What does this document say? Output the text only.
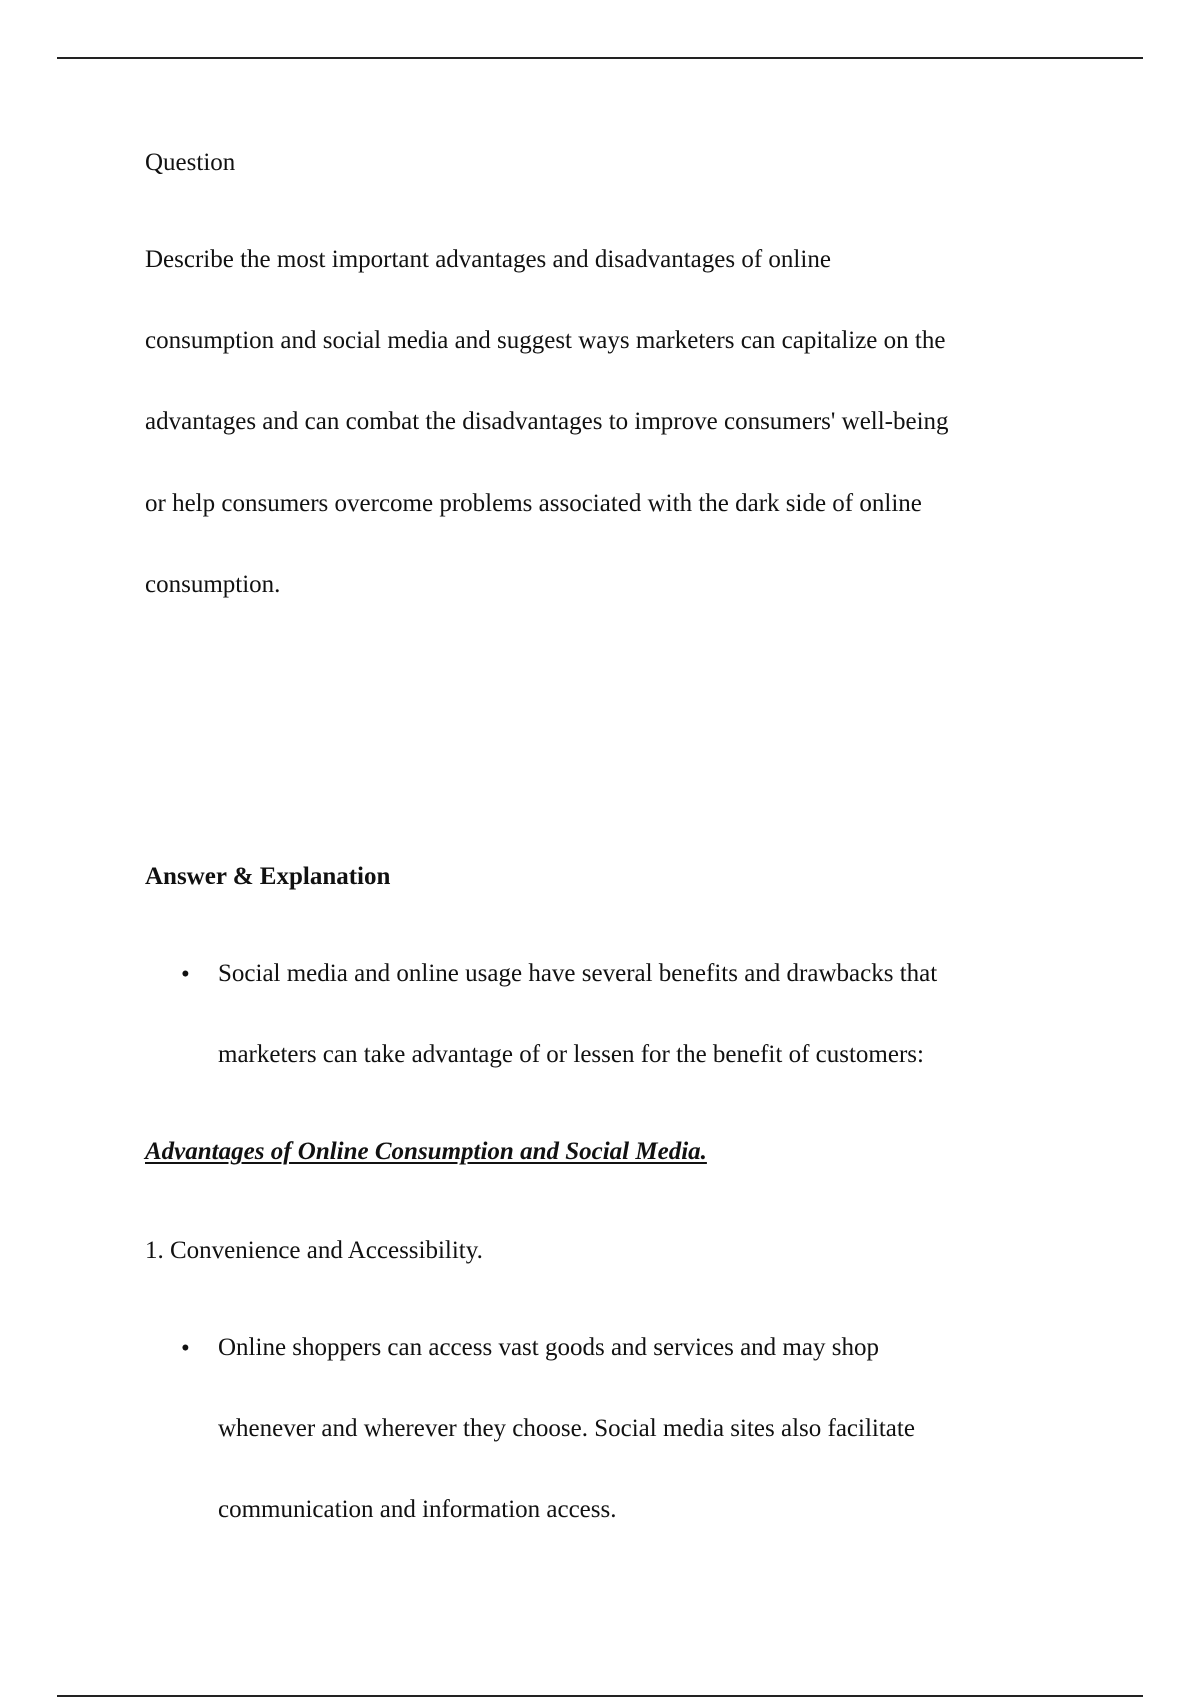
Question

Describe the most important advantages and disadvantages of online

consumption and social media and suggest ways marketers can capitalize on the

advantages and can combat the disadvantages to improve consumers' well-being

or help consumers overcome problems associated with the dark side of online

consumption.

Answer & Explanation

• Social media and online usage have several benefits and drawbacks that

marketers can take advantage of or lessen for the benefit of customers:

Advantages of Online Consumption and Social Media.

1. Convenience and Accessibility.

• Online shoppers can access vast goods and services and may shop

whenever and wherever they choose. Social media sites also facilitate

communication and information access.
